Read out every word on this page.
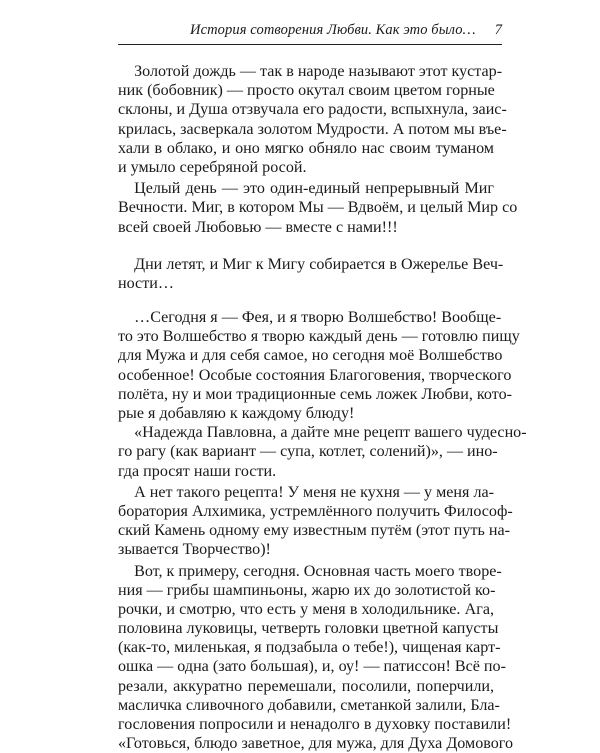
История сотворения Любви. Как это было… 7

 Золотой дождь — так в народе называют этот кустар-
ник (бобовник) — просто окутал своим цветом горные
склоны, и Душа отзвучала его радости, вспыхнула, заис-
крилась, засверкала золотом Мудрости. А потом мы въе-
хали в облако, и оно мягко обняло нас своим туманом
и умыло серебряной росой.

 Целый день — это один-единый непрерывный Миг
Вечности. Миг, в котором Мы — Вдвоём, и целый Мир со
всей своей Любовью — вместе с нами!!!

 Дни летят, и Миг к Мигу собирается в Ожерелье Веч-
ности…

 …Сегодня я — Фея, и я творю Волшебство! Вообще-
то это Волшебство я творю каждый день — готовлю пищу
для Мужа и для себя самое, но сегодня моё Волшебство
особенное! Особые состояния Благоговения, творческого
полёта, ну и мои традиционные семь ложек Любви, кото-
рые я добавляю к каждому блюду!

 «Надежда Павловна, а дайте мне рецепт вашего чудесно-
го рагу (как вариант — супа, котлет, солений)», — ино-
гда просят наши гости.

 А нет такого рецепта! У меня не кухня — у меня ла-
боратория Алхимика, устремлённого получить Философ-
ский Камень одному ему известным путём (этот путь на-
зывается Творчество)!

 Вот, к примеру, сегодня. Основная часть моего творе-
ния — грибы шампиньоны, жарю их до золотистой ко-
рочки, и смотрю, что есть у меня в холодильнике. Ага,
половина луковицы, четверть головки цветной капусты
(как-то, миленькая, я подзабыла о тебе!), чищеная карт-
ошка — одна (зато большая), и, оу! — патиссон! Всё по-
резали, аккуратно перемешали, посолили, поперчили,
масличка сливочного добавили, сметанкой залили, Бла-
гословения попросили и ненадолго в духовку поставили!
«Готовься, блюдо заветное, для мужа, для Духа Домового
